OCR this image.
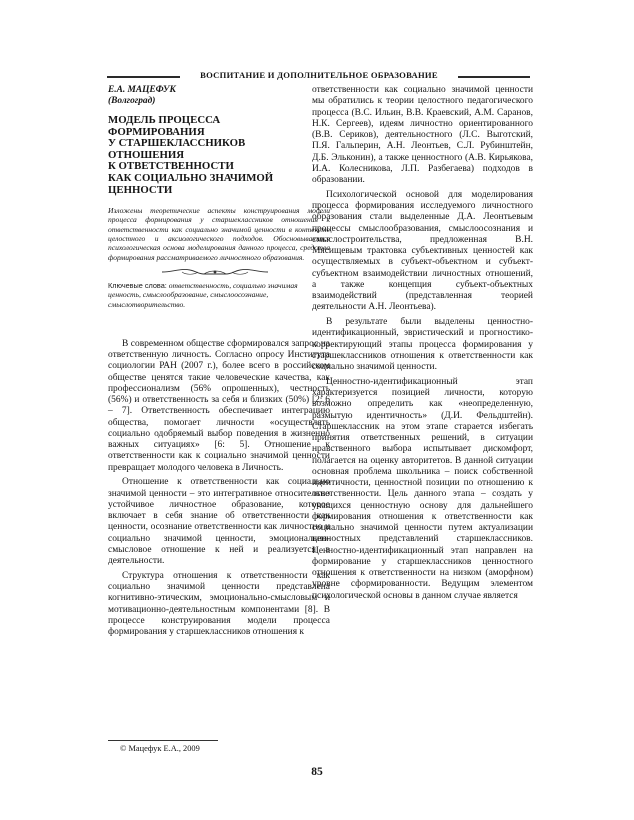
ВОСПИТАНИЕ И ДОПОЛНИТЕЛЬНОЕ ОБРАЗОВАНИЕ
Е.А. МАЦЕФУК
(Волгоград)
МОДЕЛЬ ПРОЦЕССА
ФОРМИРОВАНИЯ
У СТАРШЕКЛАССНИКОВ
ОТНОШЕНИЯ
К ОТВЕТСТВЕННОСТИ
КАК СОЦИАЛЬНО ЗНАЧИМОЙ
ЦЕННОСТИ

Изложены теоретические аспекты конструирования модели процесса формирования у старшеклассников отношения к ответственности как социально значимой ценности в контексте целостного и аксиологического подходов. Обосновываются психологическая основа моделирования данного процесса, средства формирования рассматриваемого личностного образования.

Ключевые слова: ответственность, социально значимая ценность, смыслообразование, смыслоосознание, смыслотворительство.

В современном обществе сформировался запрос на ответственную личность. Согласно опросу Института социологии РАН (2007 г.), более всего в российском обществе ценятся такие человеческие качества, как профессионализм (56% опрошенных), честность (56%) и ответственность за себя и близких (50%) [2: 6 – 7]. Ответственность обеспечивает интеграцию общества, помогает личности «осуществлять социально одобряемый выбор поведения в жизненно важных ситуациях» [6: 5]. Отношение к ответственности как к социально значимой ценности превращает молодого человека в Личность.

Отношение к ответственности как социально значимой ценности – это интегративное относительно устойчивое личностное образование, которое включает в себя знание об ответственности как ценности, осознание ответственности как личностно и социально значимой ценности, эмоционально-смысловое отношение к ней и реализуется в деятельности.

Структура отношения к ответственности как социально значимой ценности представлена когнитивно-этическим, эмоционально-смысловым и мотивационно-деятельностным компонентами [8]. В процессе конструирования модели процесса формирования у старшеклассников отношения к

ответственности как социально значимой ценности мы обратились к теории целостного педагогического процесса (В.С. Ильин, В.В. Краевский, А.М. Саранов, Н.К. Сергеев), идеям личностно ориентированного (В.В. Сериков), деятельностного (Л.С. Выготский, П.Я. Гальперин, А.Н. Леонтьев, С.Л. Рубинштейн, Д.Б. Эльконин), а также ценностного (А.В. Кирьякова, И.А. Колесникова, Л.П. Разбегаева) подходов в образовании.

Психологической основой для моделирования процесса формирования исследуемого личностного образования стали выделенные Д.А. Леонтьевым процессы смыслообразования, смыслоосознания и смыслостроительства, предложенная В.Н. Мясищевым трактовка субъективных ценностей как осуществляемых в субъект-объектном и субъект-субъектном взаимодействии личностных отношений, а также концепция субъект-объектных взаимодействий (представленная теорией деятельности А.Н. Леонтьева).

В результате были выделены ценностно-идентификационный, эвристический и прогностико-корректирующий этапы процесса формирования у старшеклассников отношения к ответственности как социально значимой ценности.

Ценностно-идентификационный этап характеризуется позицией личности, которую возможно определить как «неопределенную, размытую идентичность» (Д.И. Фельдштейн). Старшеклассник на этом этапе старается избегать принятия ответственных решений, в ситуации нравственного выбора испытывает дискомфорт, полагается на оценку авторитетов. В данной ситуации основная проблема школьника – поиск собственной идентичности, ценностной позиции по отношению к ответственности. Цель данного этапа – создать у учащихся ценностную основу для дальнейшего формирования отношения к ответственности как социально значимой ценности путем актуализации ценностных представлений старшеклассников. Ценностно-идентификационный этап направлен на формирование у старшеклассников ценностного отношения к ответственности на низком (аморфном) уровне сформированности. Ведущим элементом психологической основы в данном случае является

© Мацефук Е.А., 2009
85
